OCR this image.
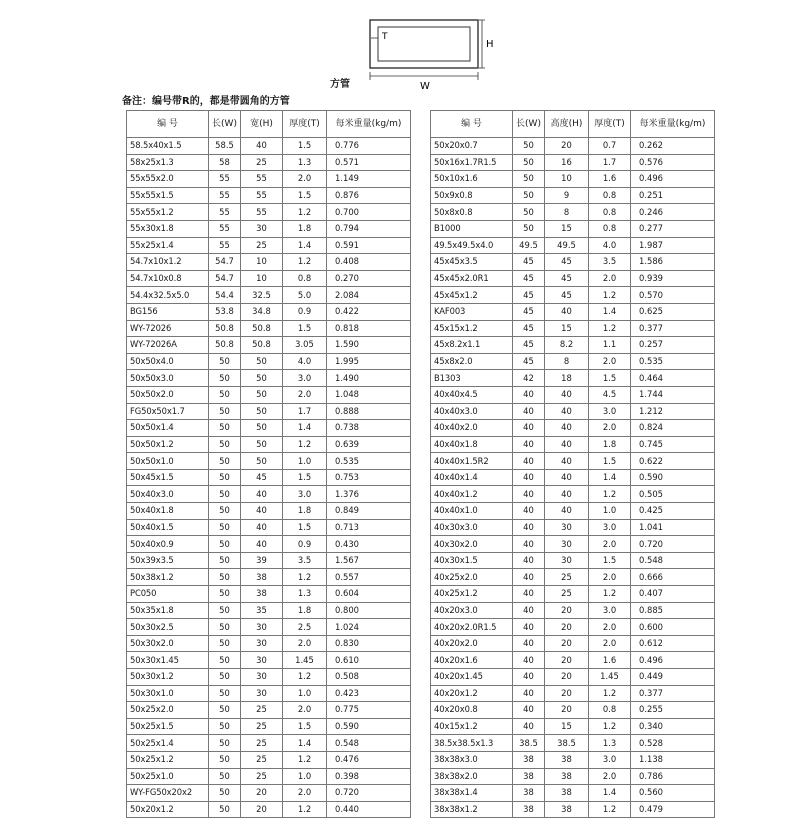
T
H
W
方管
备注：编号带R的，都是带圆角的方管
编 号	长(W)	宽(H)	厚度(T)	每米重量(kg/m)
58.5x40x1.5	58.5	40	1.5	0.776
58x25x1.3	58	25	1.3	0.571
55x55x2.0	55	55	2.0	1.149
55x55x1.5	55	55	1.5	0.876
55x55x1.2	55	55	1.2	0.700
55x30x1.8	55	30	1.8	0.794
55x25x1.4	55	25	1.4	0.591
54.7x10x1.2	54.7	10	1.2	0.408
54.7x10x0.8	54.7	10	0.8	0.270
54.4x32.5x5.0	54.4	32.5	5.0	2.084
BG156	53.8	34.8	0.9	0.422
WY-72026	50.8	50.8	1.5	0.818
WY-72026A	50.8	50.8	3.05	1.590
50x50x4.0	50	50	4.0	1.995
50x50x3.0	50	50	3.0	1.490
50x50x2.0	50	50	2.0	1.048
FG50x50x1.7	50	50	1.7	0.888
50x50x1.4	50	50	1.4	0.738
50x50x1.2	50	50	1.2	0.639
50x50x1.0	50	50	1.0	0.535
50x45x1.5	50	45	1.5	0.753
50x40x3.0	50	40	3.0	1.376
50x40x1.8	50	40	1.8	0.849
50x40x1.5	50	40	1.5	0.713
50x40x0.9	50	40	0.9	0.430
50x39x3.5	50	39	3.5	1.567
50x38x1.2	50	38	1.2	0.557
PC050	50	38	1.3	0.604
50x35x1.8	50	35	1.8	0.800
50x30x2.5	50	30	2.5	1.024
50x30x2.0	50	30	2.0	0.830
50x30x1.45	50	30	1.45	0.610
50x30x1.2	50	30	1.2	0.508
50x30x1.0	50	30	1.0	0.423
50x25x2.0	50	25	2.0	0.775
50x25x1.5	50	25	1.5	0.590
50x25x1.4	50	25	1.4	0.548
50x25x1.2	50	25	1.2	0.476
50x25x1.0	50	25	1.0	0.398
WY-FG50x20x2	50	20	2.0	0.720
50x20x1.2	50	20	1.2	0.440
编 号	长(W)	高度(H)	厚度(T)	每米重量(kg/m)
50x20x0.7	50	20	0.7	0.262
50x16x1.7R1.5	50	16	1.7	0.576
50x10x1.6	50	10	1.6	0.496
50x9x0.8	50	9	0.8	0.251
50x8x0.8	50	8	0.8	0.246
B1000	50	15	0.8	0.277
49.5x49.5x4.0	49.5	49.5	4.0	1.987
45x45x3.5	45	45	3.5	1.586
45x45x2.0R1	45	45	2.0	0.939
45x45x1.2	45	45	1.2	0.570
KAF003	45	40	1.4	0.625
45x15x1.2	45	15	1.2	0.377
45x8.2x1.1	45	8.2	1.1	0.257
45x8x2.0	45	8	2.0	0.535
B1303	42	18	1.5	0.464
40x40x4.5	40	40	4.5	1.744
40x40x3.0	40	40	3.0	1.212
40x40x2.0	40	40	2.0	0.824
40x40x1.8	40	40	1.8	0.745
40x40x1.5R2	40	40	1.5	0.622
40x40x1.4	40	40	1.4	0.590
40x40x1.2	40	40	1.2	0.505
40x40x1.0	40	40	1.0	0.425
40x30x3.0	40	30	3.0	1.041
40x30x2.0	40	30	2.0	0.720
40x30x1.5	40	30	1.5	0.548
40x25x2.0	40	25	2.0	0.666
40x25x1.2	40	25	1.2	0.407
40x20x3.0	40	20	3.0	0.885
40x20x2.0R1.5	40	20	2.0	0.600
40x20x2.0	40	20	2.0	0.612
40x20x1.6	40	20	1.6	0.496
40x20x1.45	40	20	1.45	0.449
40x20x1.2	40	20	1.2	0.377
40x20x0.8	40	20	0.8	0.255
40x15x1.2	40	15	1.2	0.340
38.5x38.5x1.3	38.5	38.5	1.3	0.528
38x38x3.0	38	38	3.0	1.138
38x38x2.0	38	38	2.0	0.786
38x38x1.4	38	38	1.4	0.560
38x38x1.2	38	38	1.2	0.479
